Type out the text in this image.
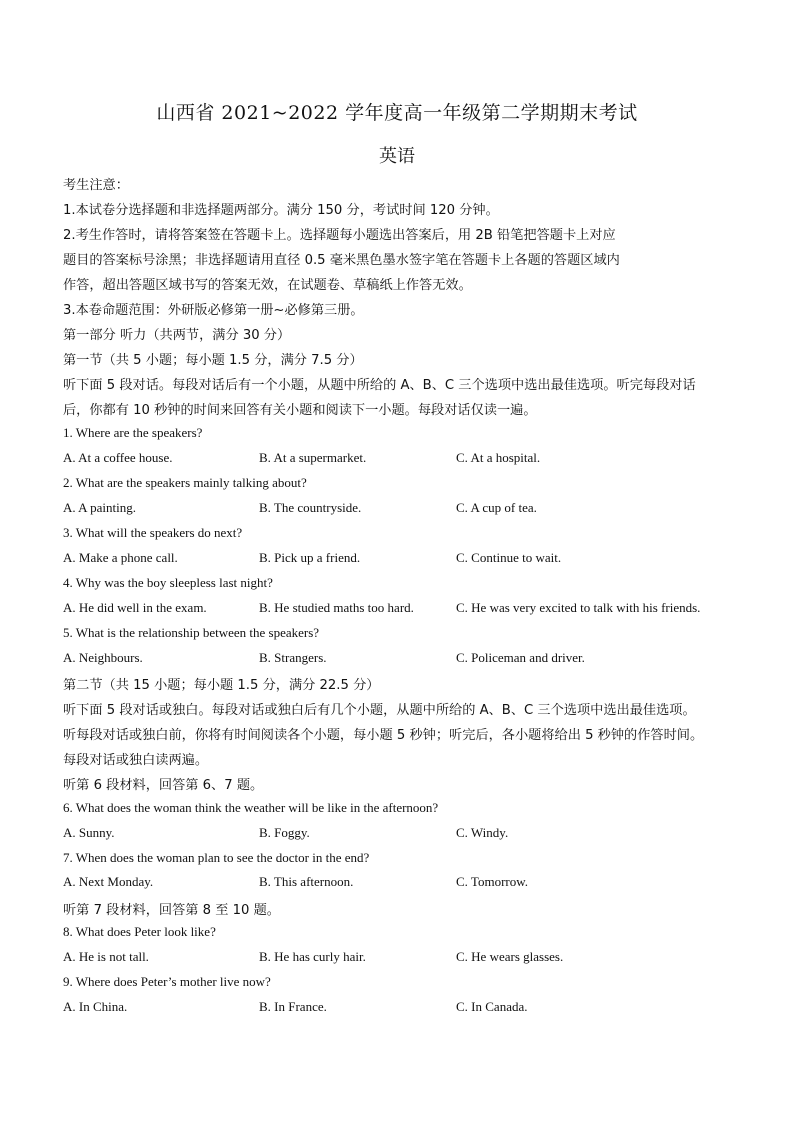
山西省 2021~2022 学年度高一年级第二学期期末考试
英语
考生注意：
1.本试卷分选择题和非选择题两部分。满分 150 分，考试时间 120 分钟。
2.考生作答时，请将答案签在答题卡上。选择题每小题选出答案后，用 2B 铅笔把答题卡上对应
题目的答案标号涂黑；非选择题请用直径 0.5 毫米黑色墨水签字笔在答题卡上各题的答题区域内
作答，超出答题区域书写的答案无效，在试题卷、草稿纸上作答无效。
3.本卷命题范围：外研版必修第一册~必修第三册。
第一部分 听力（共两节，满分 30 分）
第一节（共 5 小题；每小题 1.5 分，满分 7.5 分）
听下面 5 段对话。每段对话后有一个小题，从题中所给的 A、B、C 三个选项中选出最佳选项。听完每段对话
后，你都有 10 秒钟的时间来回答有关小题和阅读下一小题。每段对话仅读一遍。
1. Where are the speakers?
A. At a coffee house.	B. At a supermarket.	C. At a hospital.
2. What are the speakers mainly talking about?
A. A painting.	B. The countryside.	C. A cup of tea.
3. What will the speakers do next?
A. Make a phone call.	B. Pick up a friend.	C. Continue to wait.
4. Why was the boy sleepless last night?
A. He did well in the exam.	B. He studied maths too hard.	C. He was very excited to talk with his friends.
5. What is the relationship between the speakers?
A. Neighbours.	B. Strangers.	C. Policeman and driver.
第二节（共 15 小题；每小题 1.5 分，满分 22.5 分）
听下面 5 段对话或独白。每段对话或独白后有几个小题，从题中所给的 A、B、C 三个选项中选出最佳选项。
听每段对话或独白前，你将有时间阅读各个小题，每小题 5 秒钟；听完后，各小题将给出 5 秒钟的作答时间。
每段对话或独白读两遍。
听第 6 段材料，回答第 6、7 题。
6. What does the woman think the weather will be like in the afternoon?
A. Sunny.	B. Foggy.	C. Windy.
7. When does the woman plan to see the doctor in the end?
A. Next Monday.	B. This afternoon.	C. Tomorrow.
听第 7 段材料，回答第 8 至 10 题。
8. What does Peter look like?
A. He is not tall.	B. He has curly hair.	C. He wears glasses.
9. Where does Peter’s mother live now?
A. In China.	B. In France.	C. In Canada.
